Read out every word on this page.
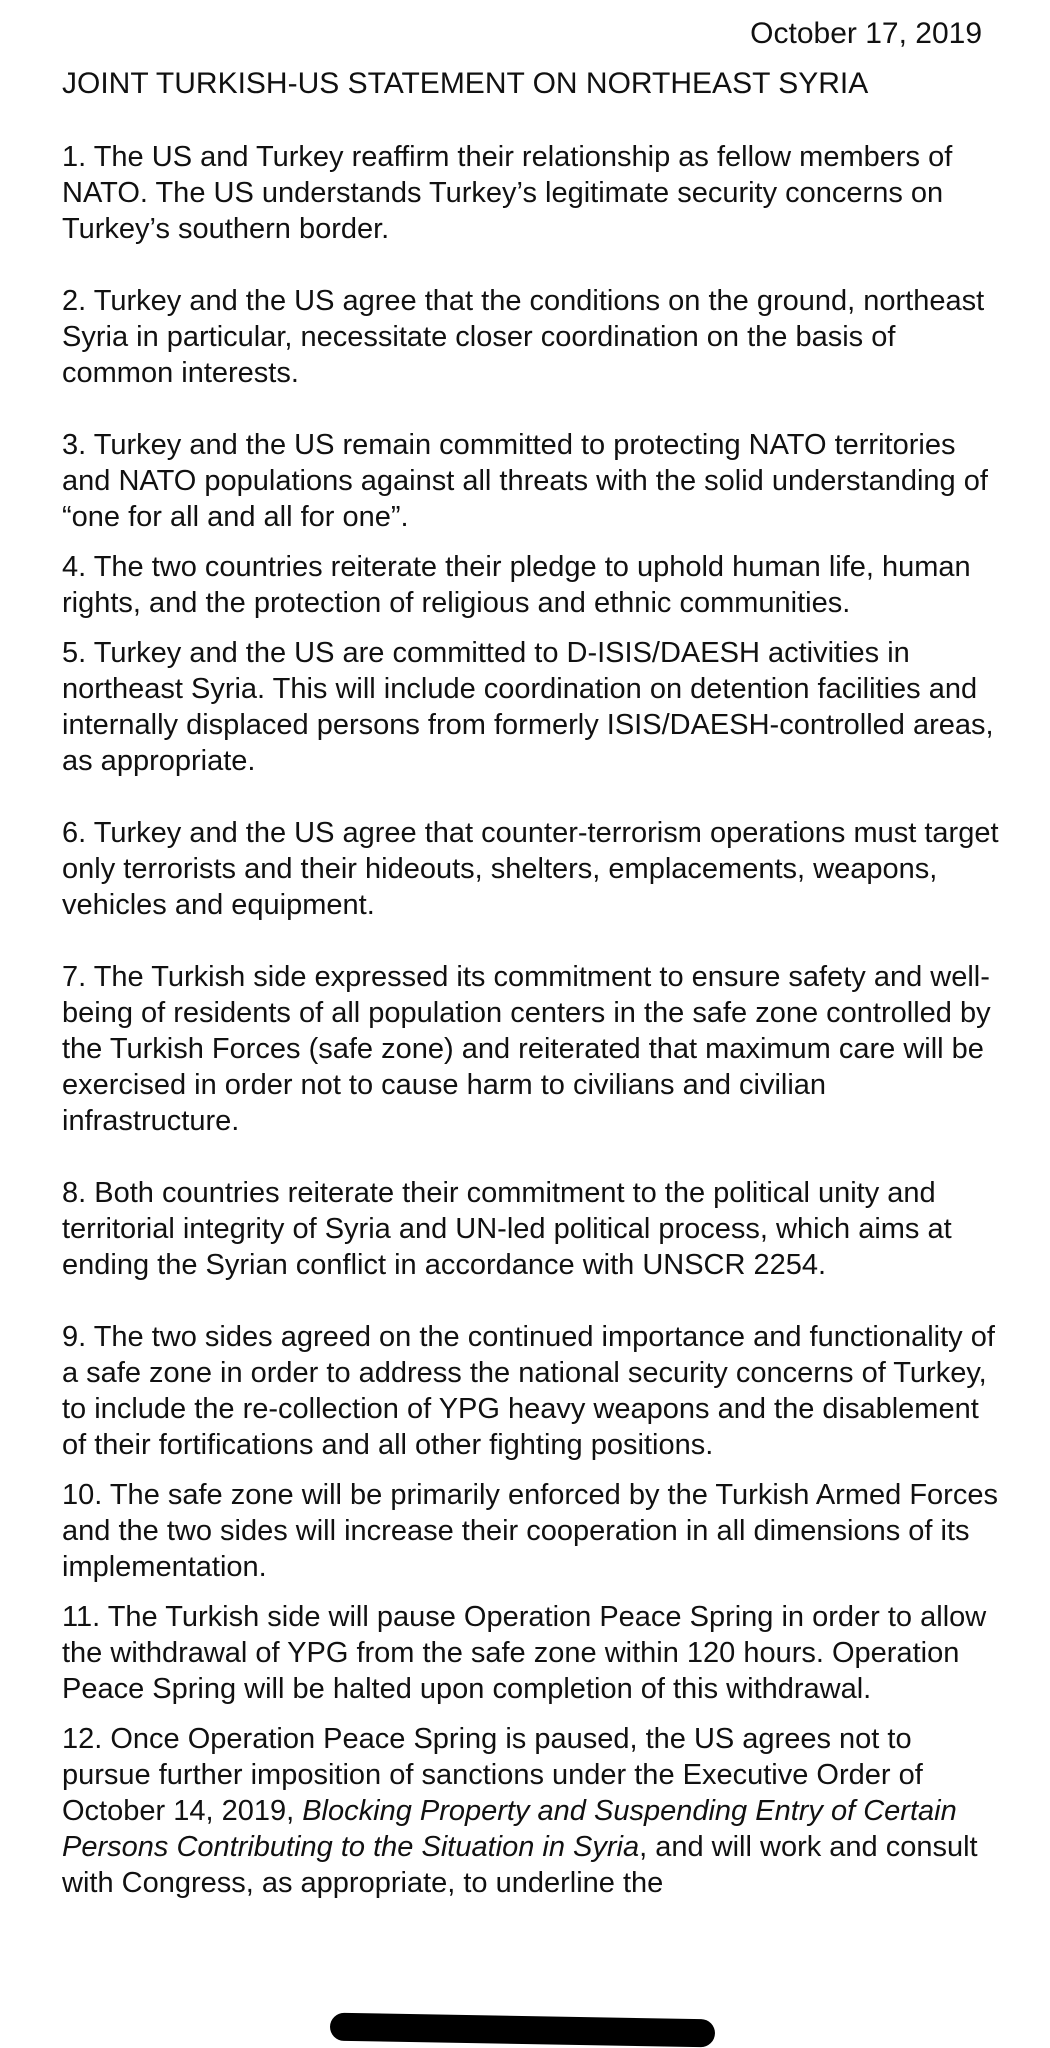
October 17, 2019
JOINT TURKISH-US STATEMENT ON NORTHEAST SYRIA

1. The US and Turkey reaffirm their relationship as fellow members of NATO. The US understands Turkey’s legitimate security concerns on Turkey’s southern border.

2. Turkey and the US agree that the conditions on the ground, northeast Syria in particular, necessitate closer coordination on the basis of common interests.

3. Turkey and the US remain committed to protecting NATO territories and NATO populations against all threats with the solid understanding of “one for all and all for one”.

4. The two countries reiterate their pledge to uphold human life, human rights, and the protection of religious and ethnic communities.

5. Turkey and the US are committed to D-ISIS/DAESH activities in northeast Syria. This will include coordination on detention facilities and internally displaced persons from formerly ISIS/DAESH-controlled areas, as appropriate.

6. Turkey and the US agree that counter-terrorism operations must target only terrorists and their hideouts, shelters, emplacements, weapons, vehicles and equipment.

7. The Turkish side expressed its commitment to ensure safety and well-being of residents of all population centers in the safe zone controlled by the Turkish Forces (safe zone) and reiterated that maximum care will be exercised in order not to cause harm to civilians and civilian infrastructure.

8. Both countries reiterate their commitment to the political unity and territorial integrity of Syria and UN-led political process, which aims at ending the Syrian conflict in accordance with UNSCR 2254.

9. The two sides agreed on the continued importance and functionality of a safe zone in order to address the national security concerns of Turkey, to include the re-collection of YPG heavy weapons and the disablement of their fortifications and all other fighting positions.

10. The safe zone will be primarily enforced by the Turkish Armed Forces and the two sides will increase their cooperation in all dimensions of its implementation.

11. The Turkish side will pause Operation Peace Spring in order to allow the withdrawal of YPG from the safe zone within 120 hours. Operation Peace Spring will be halted upon completion of this withdrawal.

12. Once Operation Peace Spring is paused, the US agrees not to pursue further imposition of sanctions under the Executive Order of October 14, 2019, Blocking Property and Suspending Entry of Certain Persons Contributing to the Situation in Syria, and will work and consult with Congress, as appropriate, to underline the
